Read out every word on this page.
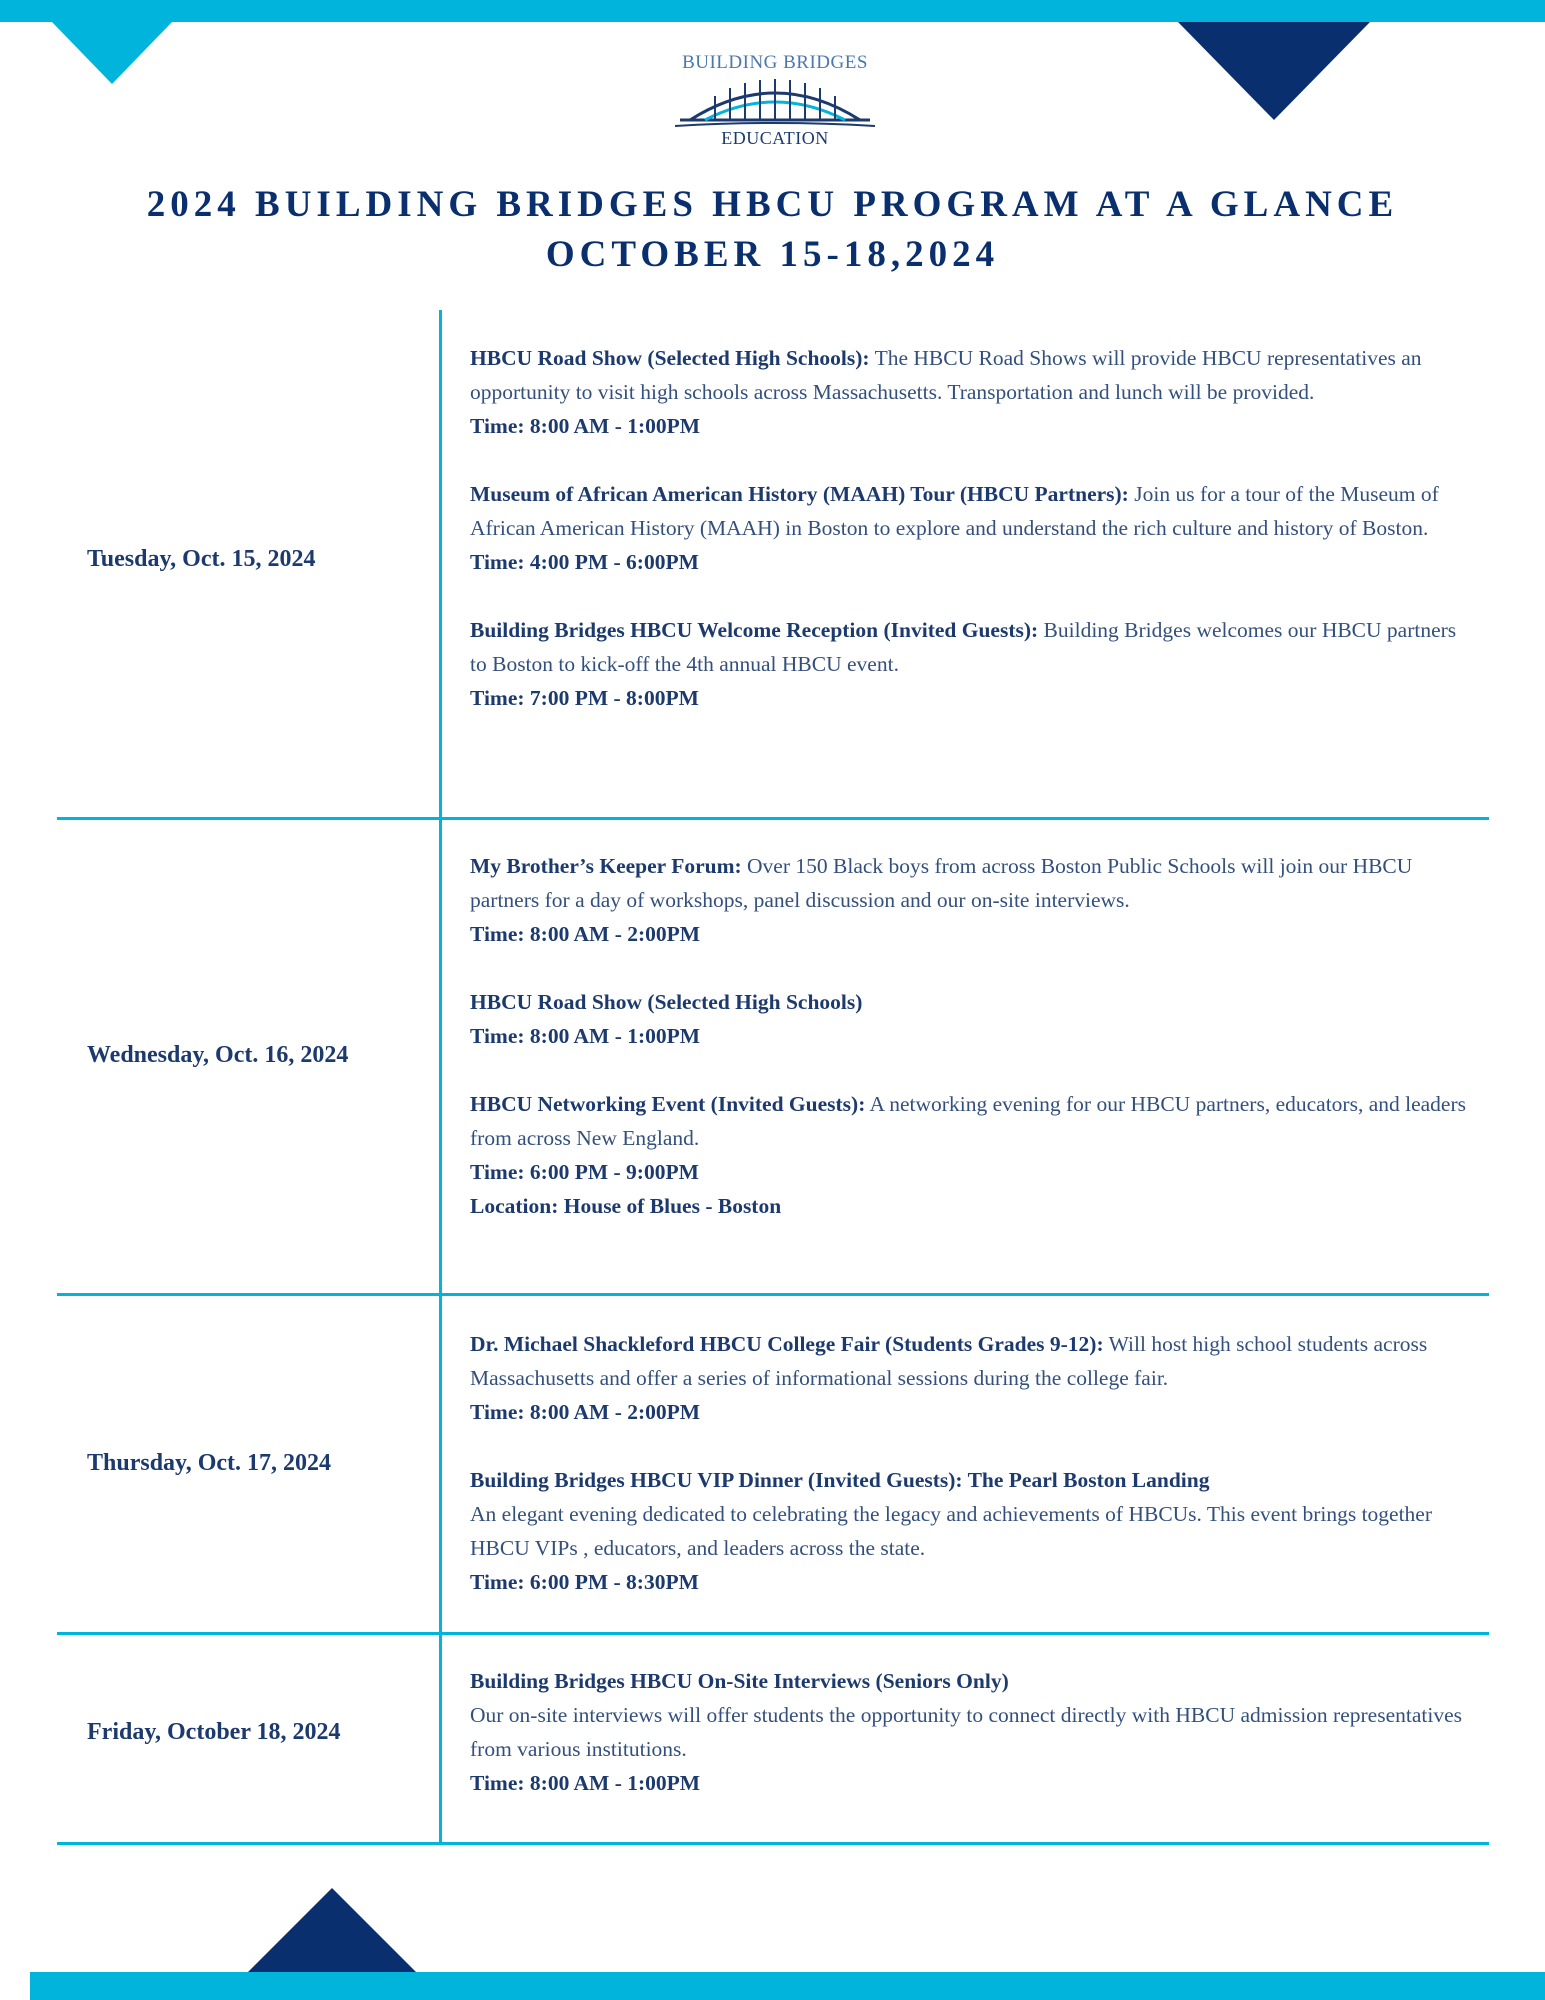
BUILDING BRIDGES
EDUCATION
2024 BUILDING BRIDGES HBCU PROGRAM AT A GLANCE
OCTOBER 15-18,2024
Tuesday, Oct. 15, 2024
HBCU Road Show (Selected High Schools): The HBCU Road Shows will provide HBCU representatives an opportunity to visit high schools across Massachusetts. Transportation and lunch will be provided.
Time: 8:00 AM - 1:00PM
Museum of African American History (MAAH) Tour (HBCU Partners): Join us for a tour of the Museum of African American History (MAAH) in Boston to explore and understand the rich culture and history of Boston.
Time: 4:00 PM - 6:00PM
Building Bridges HBCU Welcome Reception (Invited Guests): Building Bridges welcomes our HBCU partners to Boston to kick-off the 4th annual HBCU event.
Time: 7:00 PM - 8:00PM
Wednesday, Oct. 16, 2024
My Brother’s Keeper Forum: Over 150 Black boys from across Boston Public Schools will join our HBCU partners for a day of workshops, panel discussion and our on-site interviews.
Time: 8:00 AM - 2:00PM
HBCU Road Show (Selected High Schools)
Time: 8:00 AM - 1:00PM
HBCU Networking Event (Invited Guests): A networking evening for our HBCU partners, educators, and leaders from across New England.
Time: 6:00 PM - 9:00PM
Location: House of Blues - Boston
Thursday, Oct. 17, 2024
Dr. Michael Shackleford HBCU College Fair (Students Grades 9-12): Will host high school students across Massachusetts and offer a series of informational sessions during the college fair.
Time: 8:00 AM - 2:00PM
Building Bridges HBCU VIP Dinner (Invited Guests): The Pearl Boston Landing
An elegant evening dedicated to celebrating the legacy and achievements of HBCUs. This event brings together HBCU VIPs , educators, and leaders across the state.
Time: 6:00 PM - 8:30PM
Friday, October 18, 2024
Building Bridges HBCU On-Site Interviews (Seniors Only)
Our on-site interviews will offer students the opportunity to connect directly with HBCU admission representatives from various institutions.
Time: 8:00 AM - 1:00PM
